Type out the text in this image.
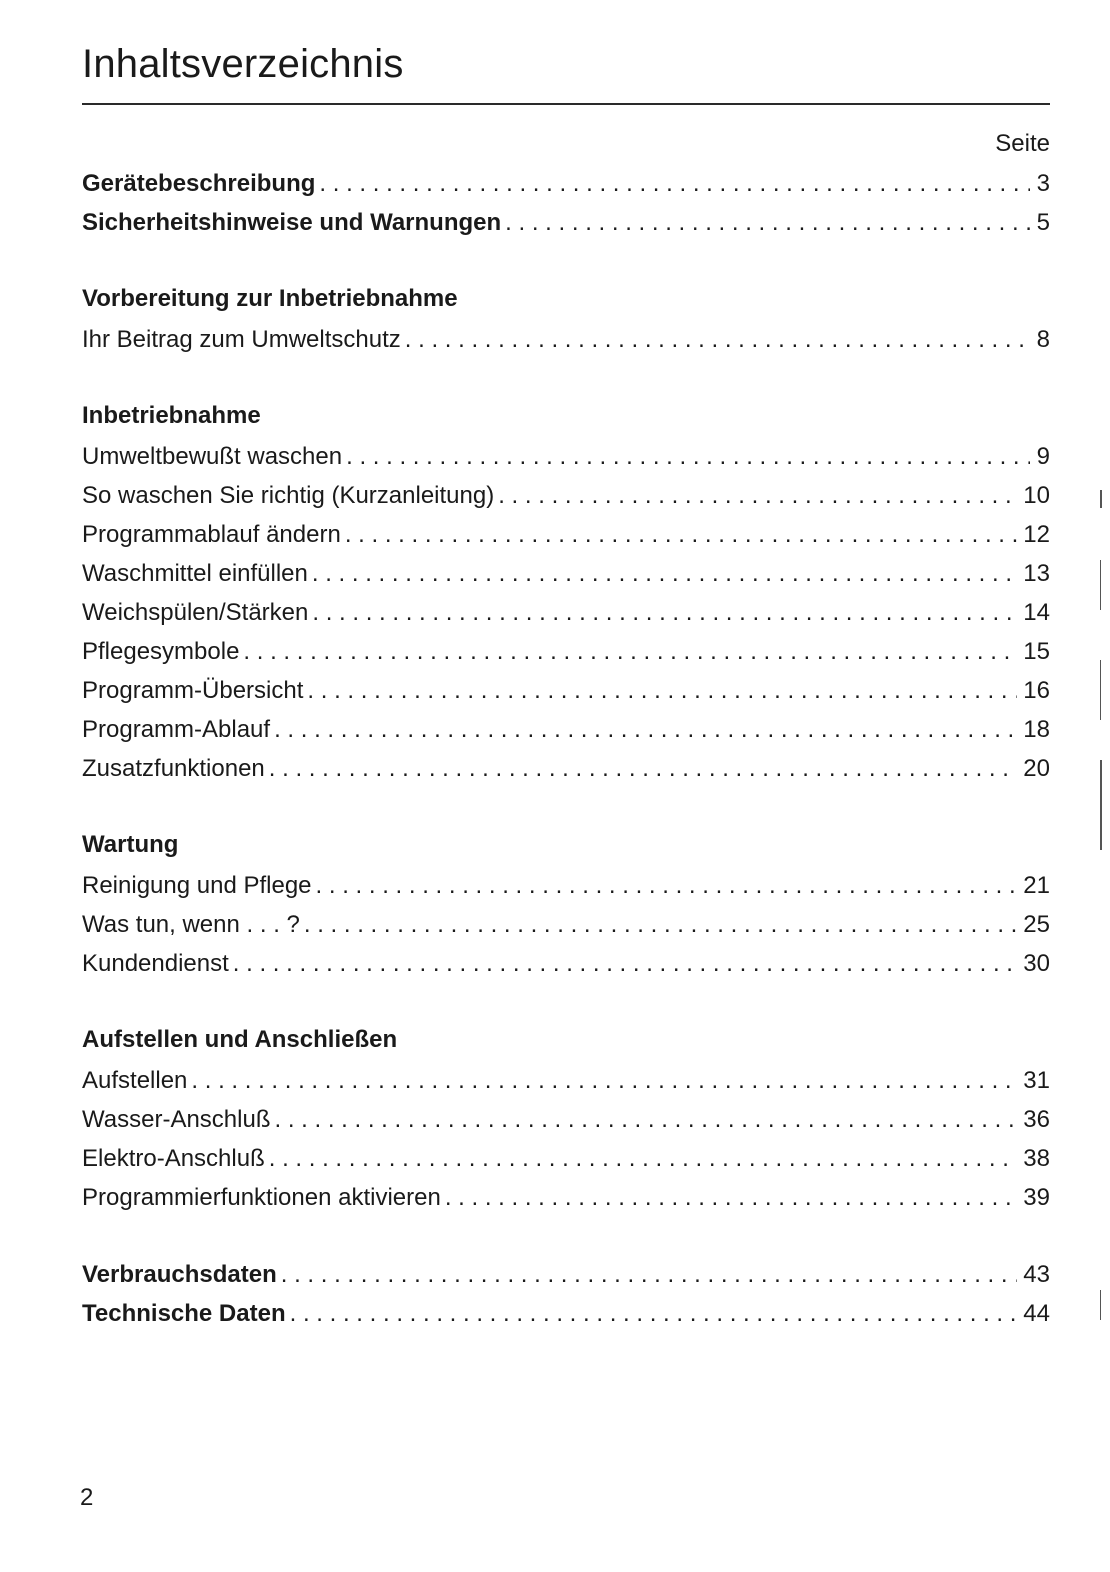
Inhaltsverzeichnis
Seite
Gerätebeschreibung . . .	3
Sicherheitshinweise und Warnungen . . .	5
Vorbereitung zur Inbetriebnahme
Ihr Beitrag zum Umweltschutz . . .	8
Inbetriebnahme
Umweltbewußt waschen . . .	9
So waschen Sie richtig (Kurzanleitung) . . .	10
Programmablauf ändern . . .	12
Waschmittel einfüllen . . .	13
Weichspülen/Stärken . . .	14
Pflegesymbole . . .	15
Programm-Übersicht . . .	16
Programm-Ablauf . . .	18
Zusatzfunktionen . . .	20
Wartung
Reinigung und Pflege . . .	21
Was tun, wenn . . . ? . . .	25
Kundendienst . . .	30
Aufstellen und Anschließen
Aufstellen . . .	31
Wasser-Anschluß . . .	36
Elektro-Anschluß . . .	38
Programmierfunktionen aktivieren . . .	39
Verbrauchsdaten . . .	43
Technische Daten . . .	44
2
